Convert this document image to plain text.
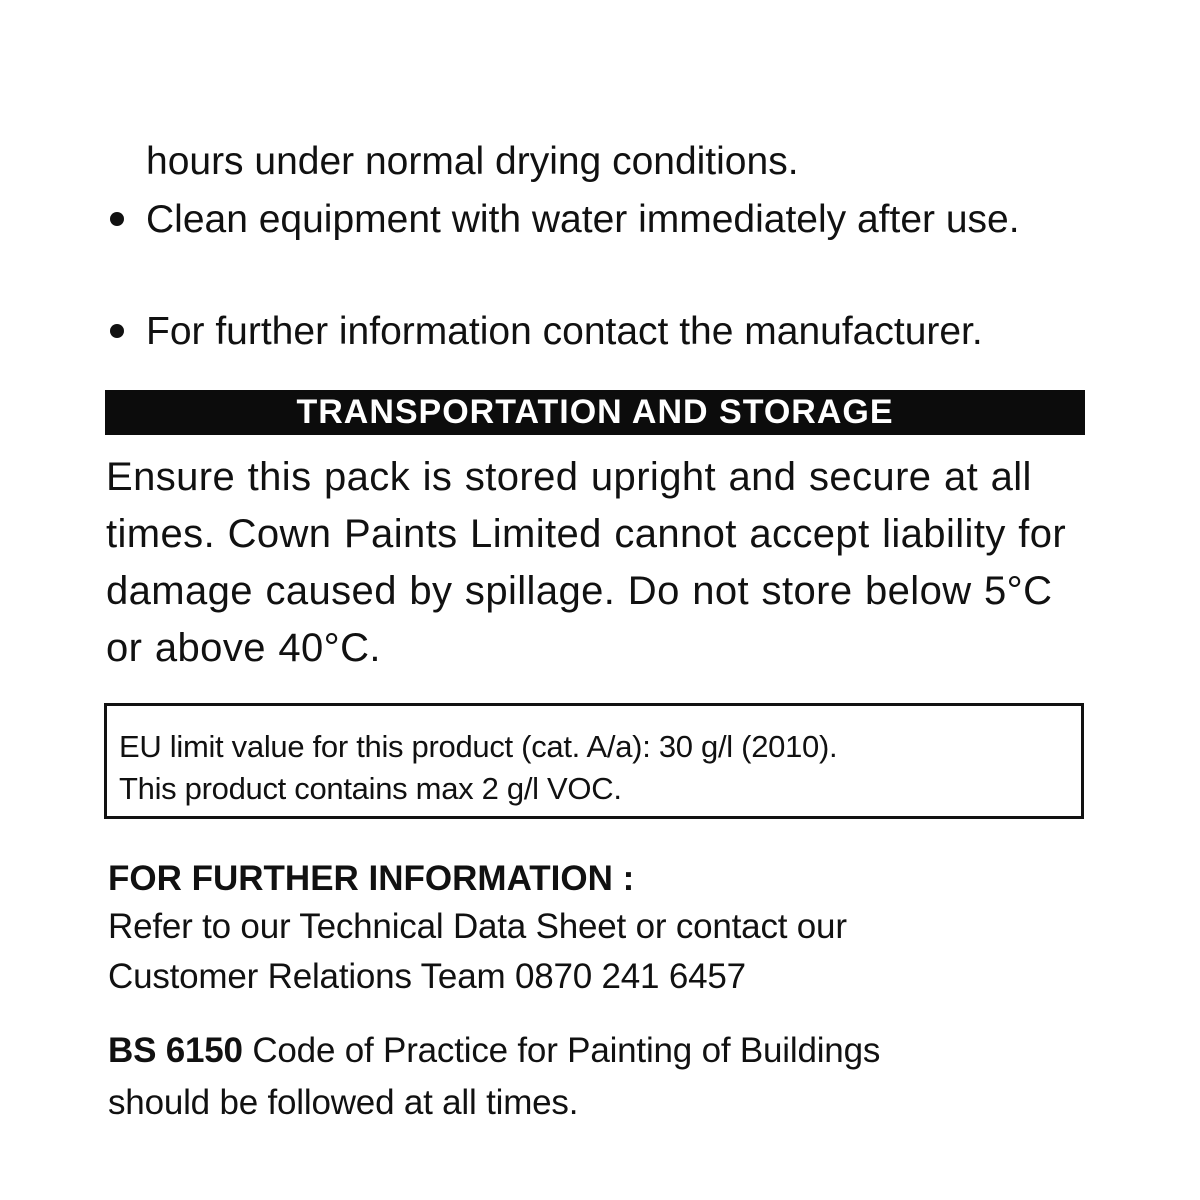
hours under normal drying conditions.
Clean equipment with water immediately after use.
For further information contact the manufacturer.
TRANSPORTATION AND STORAGE
Ensure this pack is stored upright and secure at all times. Cown Paints Limited cannot accept liability for damage caused by spillage. Do not store below 5°C or above 40°C.
EU limit value for this product (cat. A/a): 30 g/l (2010).
This product contains max 2 g/l VOC.
FOR FURTHER INFORMATION :
Refer to our Technical Data Sheet or contact our
Customer Relations Team 0870 241 6457
BS 6150 Code of Practice for Painting of Buildings
should be followed at all times.
